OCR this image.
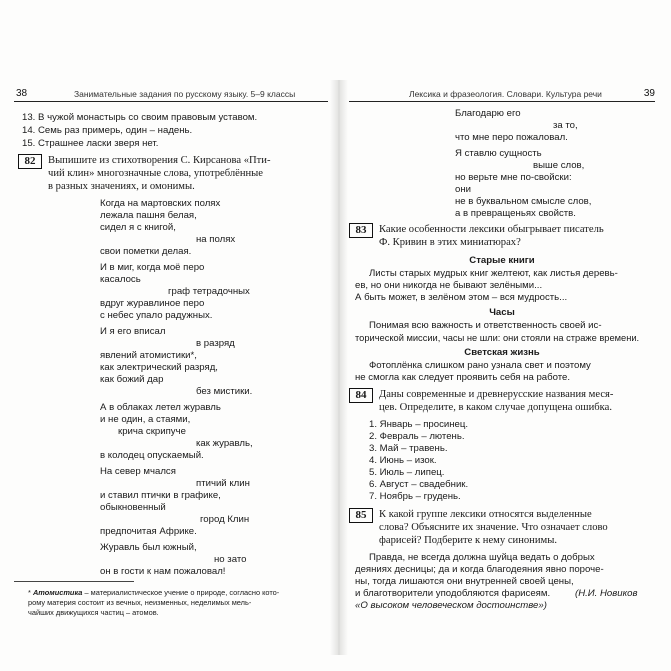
38	Занимательные задания по русскому языку. 5–9 классы
13. В чужой монастырь со своим правовым уставом.
14. Семь раз примерь, один – надень.
15. Страшнее ласки зверя нет.
82	Выпишите из стихотворения С. Кирсанова «Пти-
чий клин» многозначные слова, употреблённые
в разных значениях, и омонимы.
Когда на мартовских полях
лежала пашня белая,
сидел я с книгой,
на полях
свои пометки делая.
И в миг, когда моё перо
касалось
граф тетрадочных
вдруг журавлиное перо
с небес упало радужных.
И я его вписал
в разряд
явлений атомистики*,
как электрический разряд,
как божий дар
без мистики.
А в облаках летел журавль
и не один, а стаями,
крича скрипуче
как журавль,
в колодец опускаемый.
На север мчался
птичий клин
и ставил птички в графике,
обыкновенный
город Клин
предпочитая Африке.
Журавль был южный,
но зато
он в гости к нам пожаловал!
* Атомистика – материалистическое учение о природе, согласно кото-
рому материя состоит из вечных, неизменных, неделимых мель-
чайших движущихся частиц – атомов.
Лексика и фразеология. Словари. Культура речи	39
Благодарю его
за то,
что мне перо пожаловал.
Я ставлю сущность
выше слов,
но верьте мне по-свойски:
они
не в буквальном смысле слов,
а в превращеньях свойств.
83	Какие особенности лексики обыгрывает писатель
Ф. Кривин в этих миниатюрах?
Старые книги
Листы старых мудрых книг желтеют, как листья деревь-
ев, но они никогда не бывают зелёными...
А быть может, в зелёном этом – вся мудрость...
Часы
Понимая всю важность и ответственность своей ис-
торической миссии, часы не шли: они стояли на страже времени.
Светская жизнь
Фотоплёнка слишком рано узнала свет и поэтому
не смогла как следует проявить себя на работе.
84	Даны современные и древнерусские названия меся-
цев. Определите, в каком случае допущена ошибка.
1. Январь – просинец.
2. Февраль – лютень.
3. Май – травень.
4. Июнь – изок.
5. Июль – липец.
6. Август – свадебник.
7. Ноябрь – грудень.
85	К какой группе лексики относятся выделенные
слова? Объясните их значение. Что означает слово
фарисей? Подберите к нему синонимы.
Правда, не всегда должна шуйца ведать о добрых
деяниях десницы; да и когда благодеяния явно пороче-
ны, тогда лишаются они внутренней своей цены,
и благотворители уподобляются фарисеям.	(Н.И. Новиков
«О высоком человеческом достоинстве»)
